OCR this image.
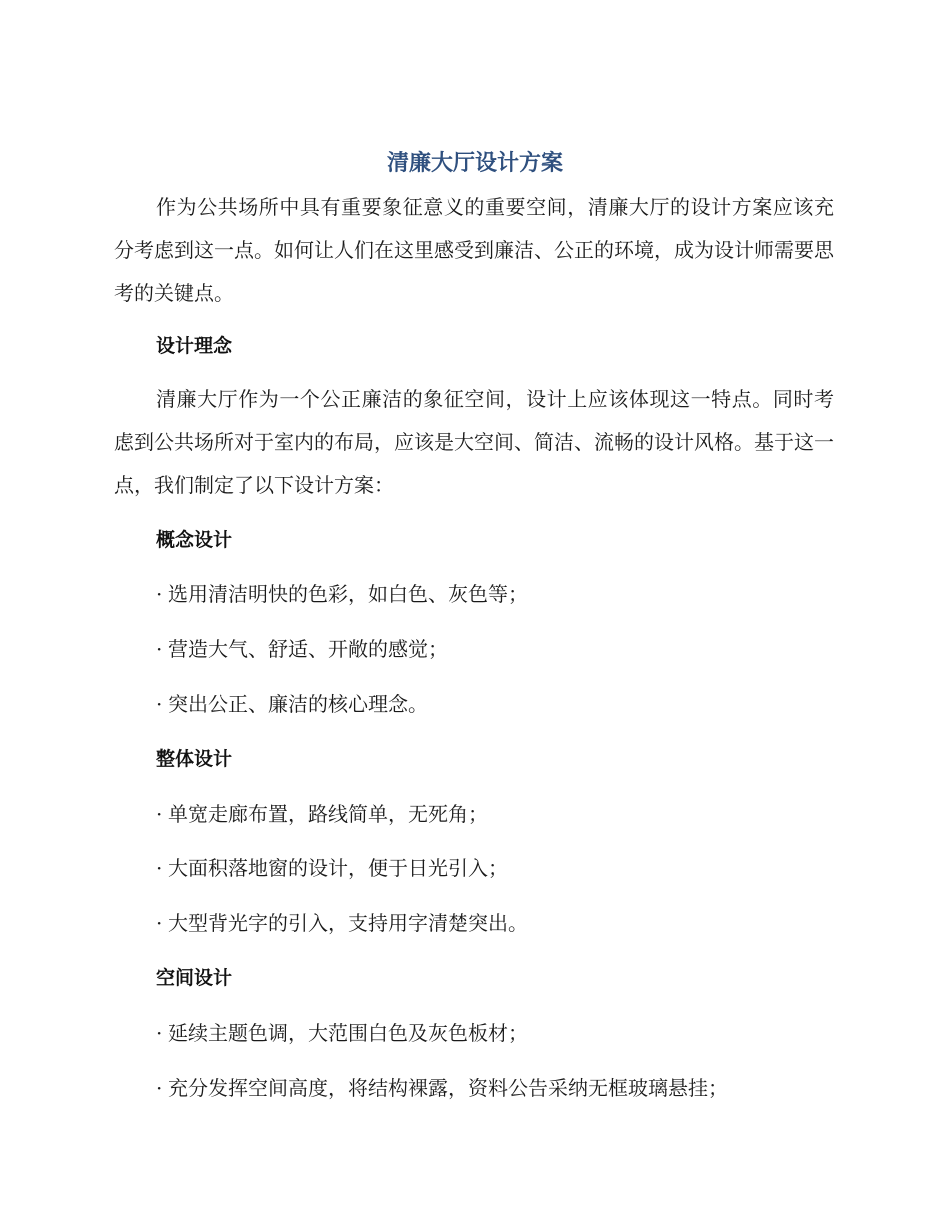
清廉大厅设计方案
作为公共场所中具有重要象征意义的重要空间，清廉大厅的设计方案应该充分考虑到这一点。如何让人们在这里感受到廉洁、公正的环境，成为设计师需要思考的关键点。
设计理念
清廉大厅作为一个公正廉洁的象征空间，设计上应该体现这一特点。同时考虑到公共场所对于室内的布局，应该是大空间、简洁、流畅的设计风格。基于这一点，我们制定了以下设计方案：
概念设计
· 选用清洁明快的色彩，如白色、灰色等；
· 营造大气、舒适、开敞的感觉；
· 突出公正、廉洁的核心理念。
整体设计
· 单宽走廊布置，路线简单，无死角；
· 大面积落地窗的设计，便于日光引入；
· 大型背光字的引入，支持用字清楚突出。
空间设计
· 延续主题色调，大范围白色及灰色板材；
· 充分发挥空间高度，将结构裸露，资料公告采纳无框玻璃悬挂；
